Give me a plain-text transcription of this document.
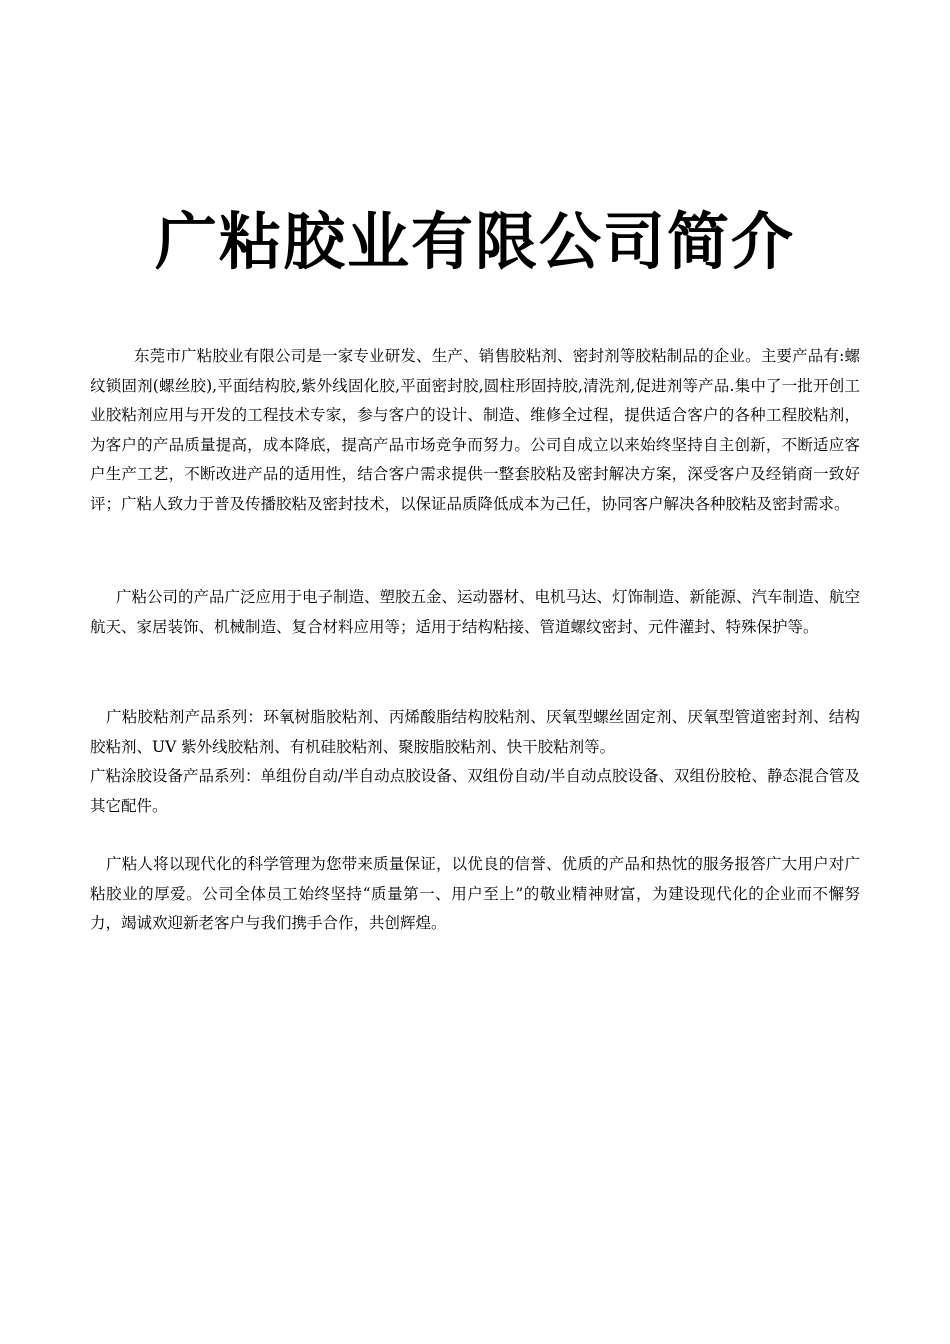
广粘胶业有限公司简介

东莞市广粘胶业有限公司是一家专业研发、生产、销售胶粘剂、密封剂等胶粘制品的企业。主要产品有:螺纹锁固剂(螺丝胶),平面结构胶,紫外线固化胶,平面密封胶,圆柱形固持胶,清洗剂,促进剂等产品.集中了一批开创工业胶粘剂应用与开发的工程技术专家，参与客户的设计、制造、维修全过程，提供适合客户的各种工程胶粘剂，为客户的产品质量提高，成本降底，提高产品市场竞争而努力。公司自成立以来始终坚持自主创新，不断适应客户生产工艺，不断改进产品的适用性，结合客户需求提供一整套胶粘及密封解决方案，深受客户及经销商一致好评；广粘人致力于普及传播胶粘及密封技术，以保证品质降低成本为己任，协同客户解决各种胶粘及密封需求。

广粘公司的产品广泛应用于电子制造、塑胶五金、运动器材、电机马达、灯饰制造、新能源、汽车制造、航空航天、家居装饰、机械制造、复合材料应用等；适用于结构粘接、管道螺纹密封、元件灌封、特殊保护等。

广粘胶粘剂产品系列：环氧树脂胶粘剂、丙烯酸脂结构胶粘剂、厌氧型螺丝固定剂、厌氧型管道密封剂、结构胶粘剂、UV 紫外线胶粘剂、有机硅胶粘剂、聚胺脂胶粘剂、快干胶粘剂等。

广粘涂胶设备产品系列：单组份自动/半自动点胶设备、双组份自动/半自动点胶设备、双组份胶枪、静态混合管及其它配件。

广粘人将以现代化的科学管理为您带来质量保证，以优良的信誉、优质的产品和热忱的服务报答广大用户对广粘胶业的厚爱。公司全体员工始终坚持“质量第一、用户至上”的敬业精神财富，为建设现代化的企业而不懈努力，竭诚欢迎新老客户与我们携手合作，共创辉煌。
